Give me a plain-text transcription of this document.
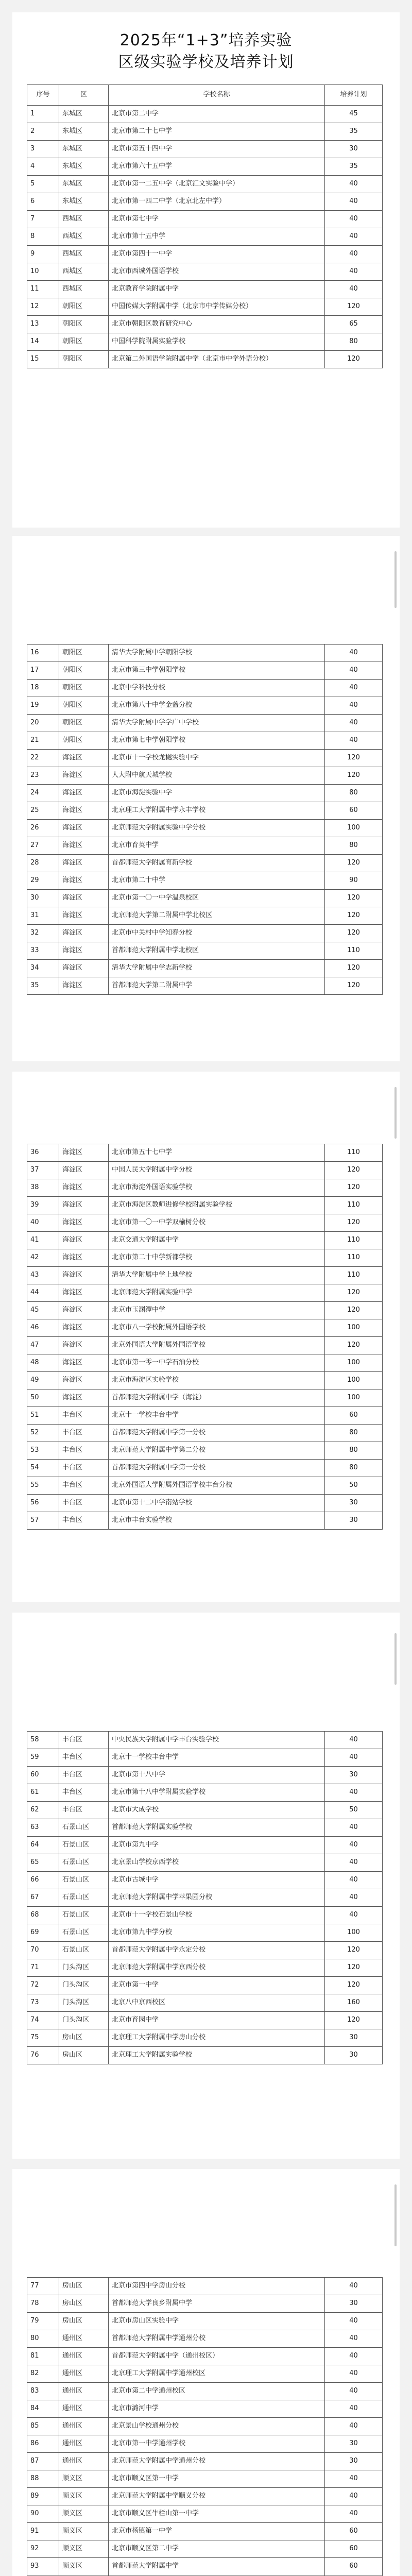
2025年“1+3”培养实验
区级实验学校及培养计划
序号	区	学校名称	培养计划
1	东城区	北京市第二中学	45
2	东城区	北京市第二十七中学	35
3	东城区	北京市第五十四中学	30
4	东城区	北京市第六十五中学	35
5	东城区	北京市第一二五中学（北京汇文实验中学）	40
6	东城区	北京市第一四二中学（北京北左中学）	40
7	西城区	北京市第七中学	40
8	西城区	北京市第十五中学	40
9	西城区	北京市第四十一中学	40
10	西城区	北京市西城外国语学校	40
11	西城区	北京教育学院附属中学	40
12	朝阳区	中国传媒大学附属中学（北京市中学传媒分校）	120
13	朝阳区	北京市朝阳区教育研究中心	65
14	朝阳区	中国科学院附属实验学校	80
15	朝阳区	北京第二外国语学院附属中学（北京市中学外语分校）	120
16	朝阳区	清华大学附属中学朝阳学校	40
17	朝阳区	北京市第三中学朝阳学校	40
18	朝阳区	北京中学科技分校	40
19	朝阳区	北京市第八十中学金盏分校	40
20	朝阳区	清华大学附属中学学广中学校	40
21	朝阳区	北京市第七中学朝阳学校	40
22	海淀区	北京市十一学校龙樾实验中学	120
23	海淀区	人大附中航天城学校	120
24	海淀区	北京市海淀实验中学	80
25	海淀区	北京理工大学附属中学永丰学校	60
26	海淀区	北京师范大学附属实验中学分校	100
27	海淀区	北京市育英中学	80
28	海淀区	首都师范大学附属育新学校	120
29	海淀区	北京市第二十中学	90
30	海淀区	北京市第一〇一中学温泉校区	120
31	海淀区	北京师范大学第二附属中学北校区	120
32	海淀区	北京市中关村中学知春分校	120
33	海淀区	首都师范大学附属中学北校区	110
34	海淀区	清华大学附属中学志新学校	120
35	海淀区	首都师范大学第二附属中学	120
36	海淀区	北京市第五十七中学	110
37	海淀区	中国人民大学附属中学分校	120
38	海淀区	北京市海淀外国语实验学校	120
39	海淀区	北京市海淀区教师进修学校附属实验学校	110
40	海淀区	北京市第一〇一中学双榆树分校	120
41	海淀区	北京交通大学附属中学	110
42	海淀区	北京市第二十中学新都学校	110
43	海淀区	清华大学附属中学上地学校	110
44	海淀区	北京师范大学附属实验中学	120
45	海淀区	北京市玉渊潭中学	120
46	海淀区	北京市八一学校附属外国语学校	100
47	海淀区	北京外国语大学附属外国语学校	120
48	海淀区	北京市第一零一中学石油分校	100
49	海淀区	北京市海淀区实验学校	100
50	海淀区	首都师范大学附属中学（海淀）	100
51	丰台区	北京十一学校丰台中学	60
52	丰台区	首都师范大学附属中学第一分校	80
53	丰台区	北京师范大学附属中学第二分校	80
54	丰台区	首都师范大学附属中学第一分校	80
55	丰台区	北京外国语大学附属外国语学校丰台分校	50
56	丰台区	北京市第十二中学南站学校	30
57	丰台区	北京市丰台实验学校	30
58	丰台区	中央民族大学附属中学丰台实验学校	40
59	丰台区	北京十一学校丰台中学	40
60	丰台区	北京市第十八中学	30
61	丰台区	北京市第十八中学附属实验学校	40
62	丰台区	北京市大成学校	50
63	石景山区	首都师范大学附属实验学校	40
64	石景山区	北京市第九中学	40
65	石景山区	北京景山学校京西学校	40
66	石景山区	北京市古城中学	40
67	石景山区	北京师范大学附属中学苹果园分校	40
68	石景山区	北京市十一学校石景山学校	40
69	石景山区	北京市第九中学分校	100
70	石景山区	首都师范大学附属中学永定分校	120
71	门头沟区	北京师范大学附属中学京西分校	120
72	门头沟区	北京市第一中学	120
73	门头沟区	北京八中京西校区	160
74	门头沟区	北京市育园中学	120
75	房山区	北京理工大学附属中学房山分校	30
76	房山区	北京理工大学附属实验学校	30
77	房山区	北京市第四中学房山分校	40
78	房山区	首都师范大学良乡附属中学	30
79	房山区	北京市房山区实验中学	40
80	通州区	首都师范大学附属中学通州分校	40
81	通州区	首都师范大学附属中学（通州校区）	40
82	通州区	北京理工大学附属中学通州校区	40
83	通州区	北京市第二中学通州校区	40
84	通州区	北京市潞河中学	40
85	通州区	北京景山学校通州分校	40
86	通州区	北京市第一中学通州学校	30
87	通州区	北京师范大学附属中学通州分校	30
88	顺义区	北京市顺义区第一中学	40
89	顺义区	北京师范大学附属中学顺义分校	40
90	顺义区	北京市顺义区牛栏山第一中学	40
91	顺义区	北京市杨镇第一中学	60
92	顺义区	北京市顺义区第二中学	60
93	顺义区	首都师范大学附属中学	60
